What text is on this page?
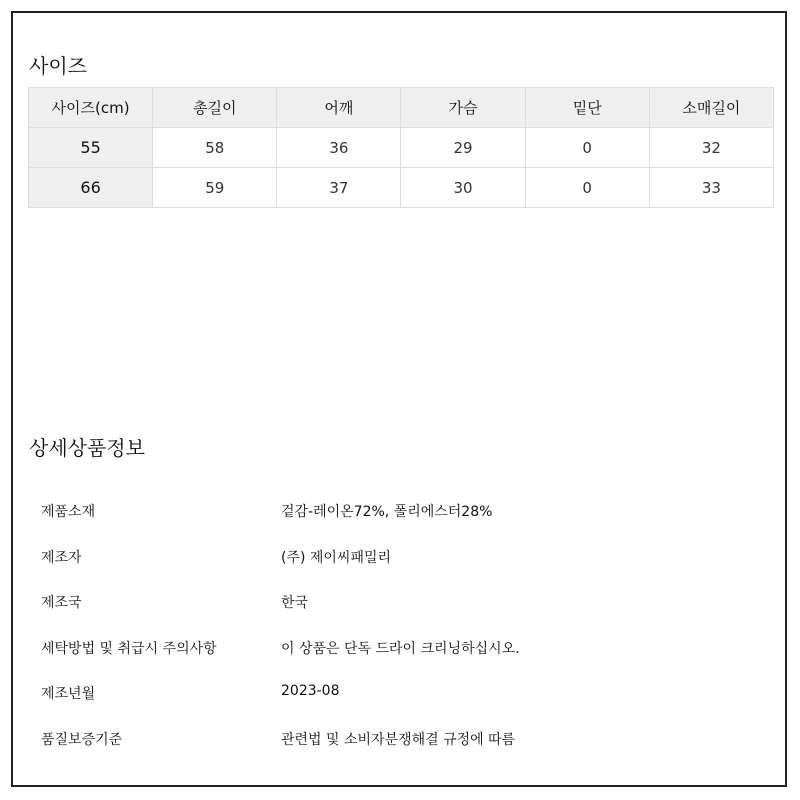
사이즈
사이즈(cm)	총길이	어깨	가슴	밑단	소매길이
55	58	36	29	0	32
66	59	37	30	0	33
상세상품정보
제품소재	겉감-레이온72%, 폴리에스터28%
제조자	(주) 제이씨패밀리
제조국	한국
세탁방법 및 취급시 주의사항	이 상품은 단독 드라이 크리닝하십시오.
제조년월	2023-08
품질보증기준	관련법 및 소비자분쟁해결 규정에 따름
